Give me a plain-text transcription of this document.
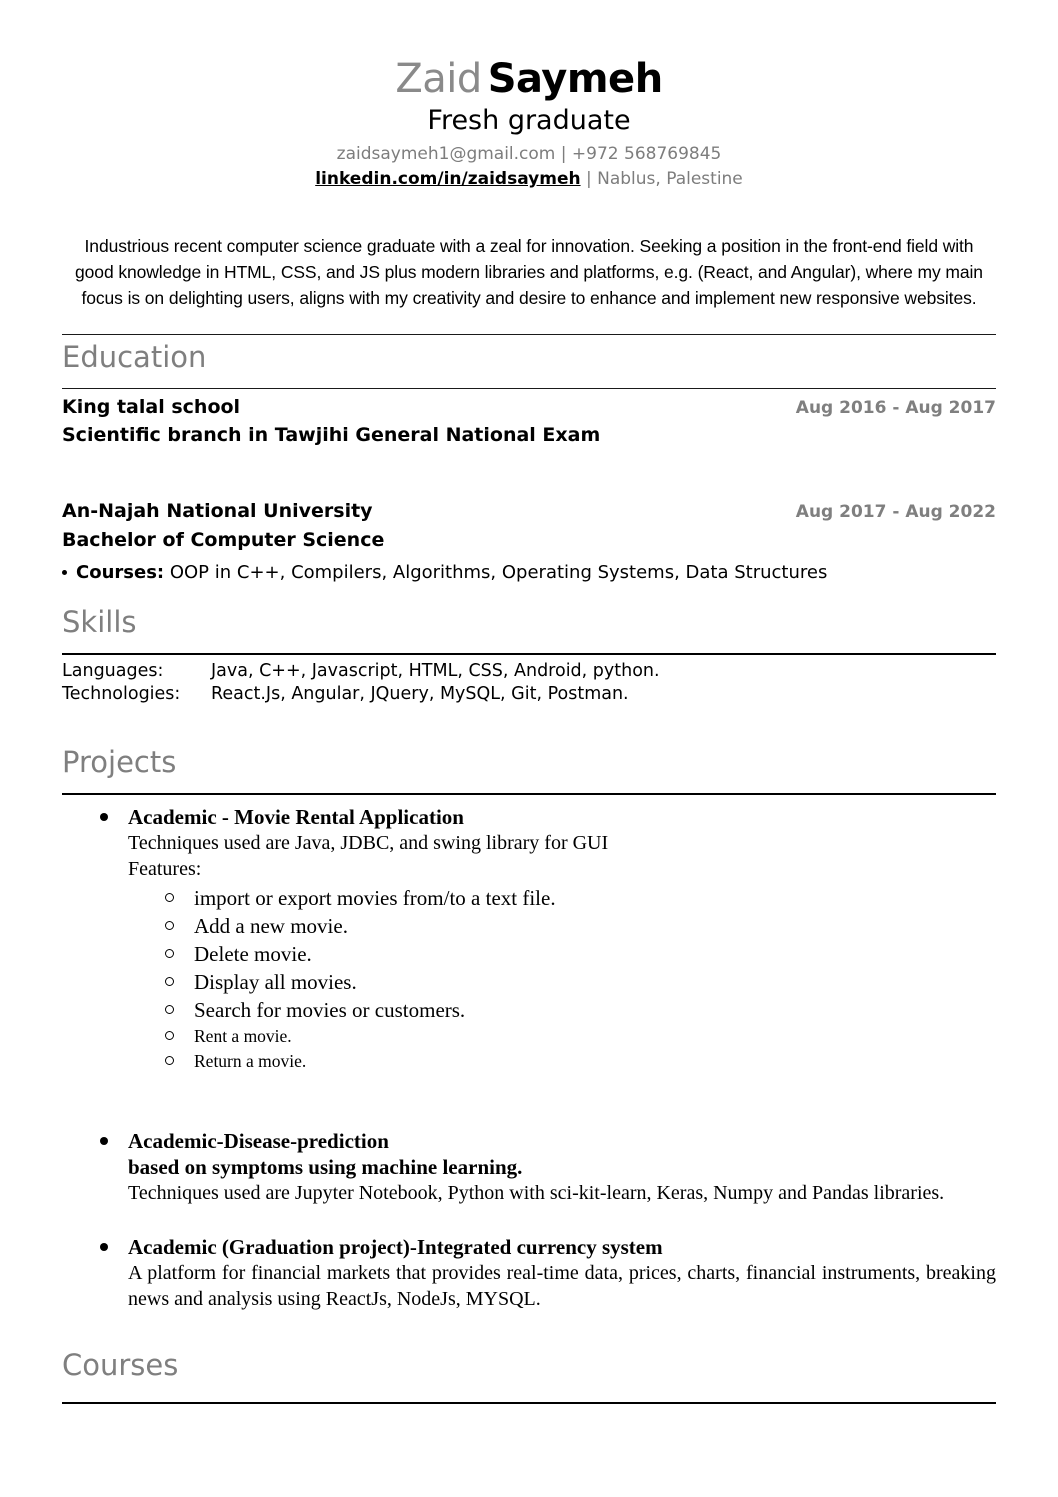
Zaid Saymeh
Fresh graduate
zaidsaymeh1@gmail.com | +972 568769845
linkedin.com/in/zaidsaymeh | Nablus, Palestine

Industrious recent computer science graduate with a zeal for innovation. Seeking a position in the front-end field with good knowledge in HTML, CSS, and JS plus modern libraries and platforms, e.g. (React, and Angular), where my main focus is on delighting users, aligns with my creativity and desire to enhance and implement new responsive websites.

Education
King talal school	Aug 2016 - Aug 2017
Scientific branch in Tawjihi General National Exam
An-Najah National University	Aug 2017 - Aug 2022
Bachelor of Computer Science
Courses: OOP in C++, Compilers, Algorithms, Operating Systems, Data Structures
Skills
Languages:	Java, C++, Javascript, HTML, CSS, Android, python.
Technologies:	React.Js, Angular, JQuery, MySQL, Git, Postman.
Projects
Academic - Movie Rental Application
Techniques used are Java, JDBC, and swing library for GUI
Features:
import or export movies from/to a text file.
Add a new movie.
Delete movie.
Display all movies.
Search for movies or customers.
Rent a movie.
Return a movie.
Academic-Disease-prediction
based on symptoms using machine learning.
Techniques used are Jupyter Notebook, Python with sci-kit-learn, Keras, Numpy and Pandas libraries.
Academic (Graduation project)-Integrated currency system
A platform for financial markets that provides real-time data, prices, charts, financial instruments, breaking news and analysis using ReactJs, NodeJs, MYSQL.
Courses
